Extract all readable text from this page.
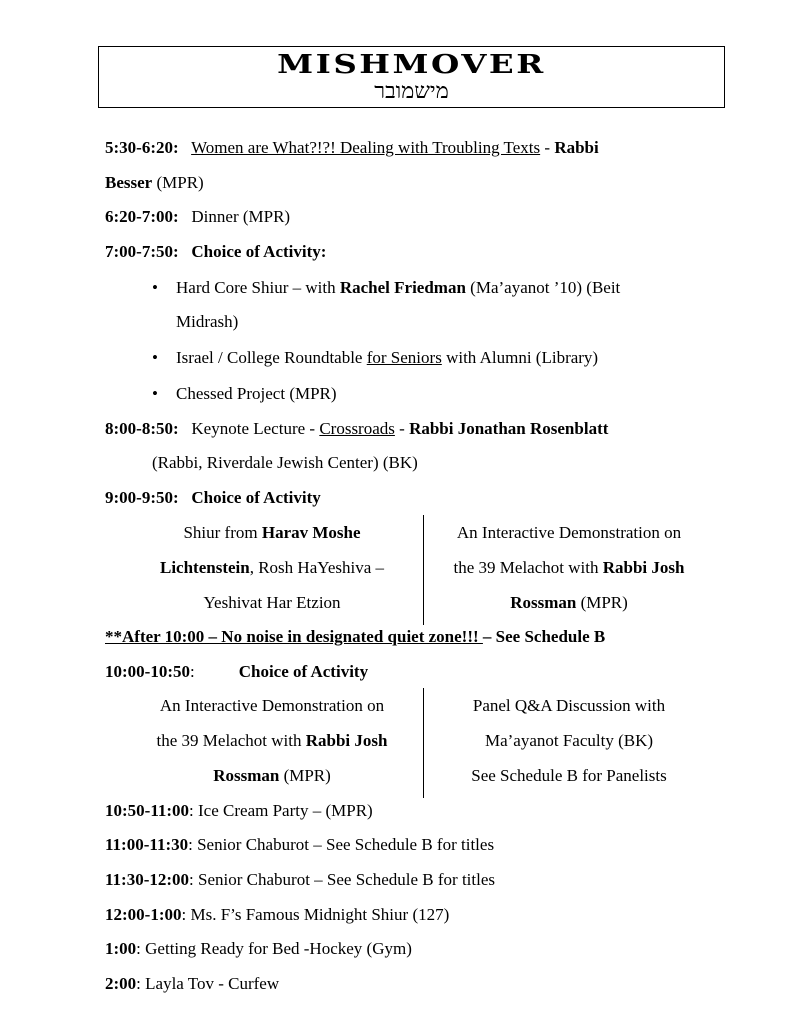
MISHMOVER
מישמובר
5:30-6:20: Women are What?!?! Dealing with Troubling Texts - Rabbi
Besser (MPR)
6:20-7:00: Dinner (MPR)
7:00-7:50: Choice of Activity:
• Hard Core Shiur – with Rachel Friedman (Ma’ayanot ’10) (Beit
Midrash)
• Israel / College Roundtable for Seniors with Alumni (Library)
• Chessed Project (MPR)
8:00-8:50: Keynote Lecture - Crossroads - Rabbi Jonathan Rosenblatt
(Rabbi, Riverdale Jewish Center) (BK)
9:00-9:50: Choice of Activity
Shiur from Harav Moshe
Lichtenstein, Rosh HaYeshiva –
Yeshivat Har Etzion
An Interactive Demonstration on
the 39 Melachot with Rabbi Josh
Rossman (MPR)
**After 10:00 – No noise in designated quiet zone!!! – See Schedule B
10:00-10:50:	Choice of Activity
An Interactive Demonstration on
the 39 Melachot with Rabbi Josh
Rossman (MPR)
Panel Q&A Discussion with
Ma’ayanot Faculty (BK)
See Schedule B for Panelists
10:50-11:00: Ice Cream Party – (MPR)
11:00-11:30: Senior Chaburot – See Schedule B for titles
11:30-12:00: Senior Chaburot – See Schedule B for titles
12:00-1:00: Ms. F’s Famous Midnight Shiur (127)
1:00: Getting Ready for Bed -Hockey (Gym)
2:00: Layla Tov - Curfew
